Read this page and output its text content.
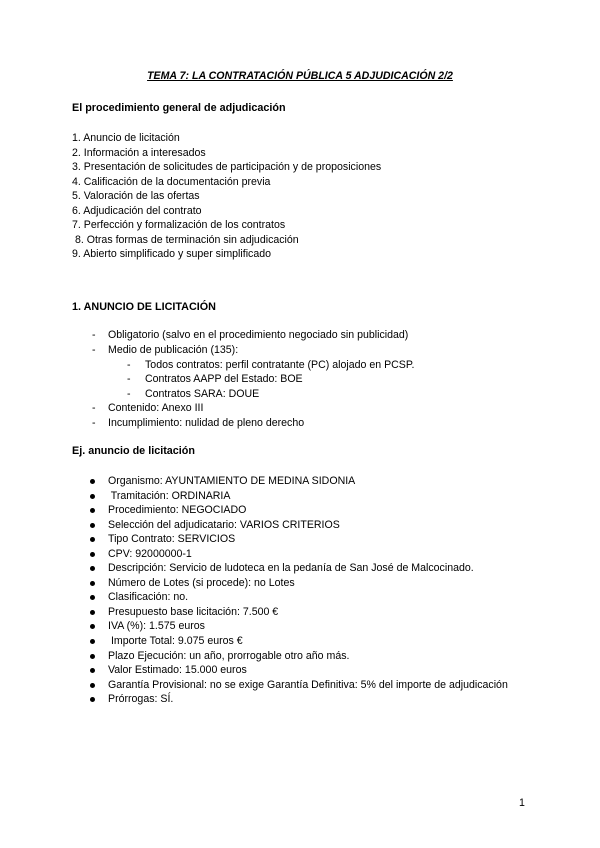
TEMA 7: LA CONTRATACIÓN PÚBLICA 5 ADJUDICACIÓN 2/2
El procedimiento general de adjudicación
1. Anuncio de licitación
2. Información a interesados
3. Presentación de solicitudes de participación y de proposiciones
4. Calificación de la documentación previa
5. Valoración de las ofertas
6. Adjudicación del contrato
7. Perfección y formalización de los contratos
8. Otras formas de terminación sin adjudicación
9. Abierto simplificado y super simplificado
1. ANUNCIO DE LICITACIÓN
- Obligatorio (salvo en el procedimiento negociado sin publicidad)
- Medio de publicación (135):
- Todos contratos: perfil contratante (PC) alojado en PCSP.
- Contratos AAPP del Estado: BOE
- Contratos SARA: DOUE
- Contenido: Anexo III
- Incumplimiento: nulidad de pleno derecho
Ej. anuncio de licitación
Organismo: AYUNTAMIENTO DE MEDINA SIDONIA
Tramitación: ORDINARIA
Procedimiento: NEGOCIADO
Selección del adjudicatario: VARIOS CRITERIOS
Tipo Contrato: SERVICIOS
CPV: 92000000-1
Descripción: Servicio de ludoteca en la pedanía de San José de Malcocinado.
Número de Lotes (si procede): no Lotes
Clasificación: no.
Presupuesto base licitación: 7.500 €
IVA (%): 1.575 euros
Importe Total: 9.075 euros €
Plazo Ejecución: un año, prorrogable otro año más.
Valor Estimado: 15.000 euros
Garantía Provisional: no se exige Garantía Definitiva: 5% del importe de adjudicación
Prórrogas: SÍ.
1
